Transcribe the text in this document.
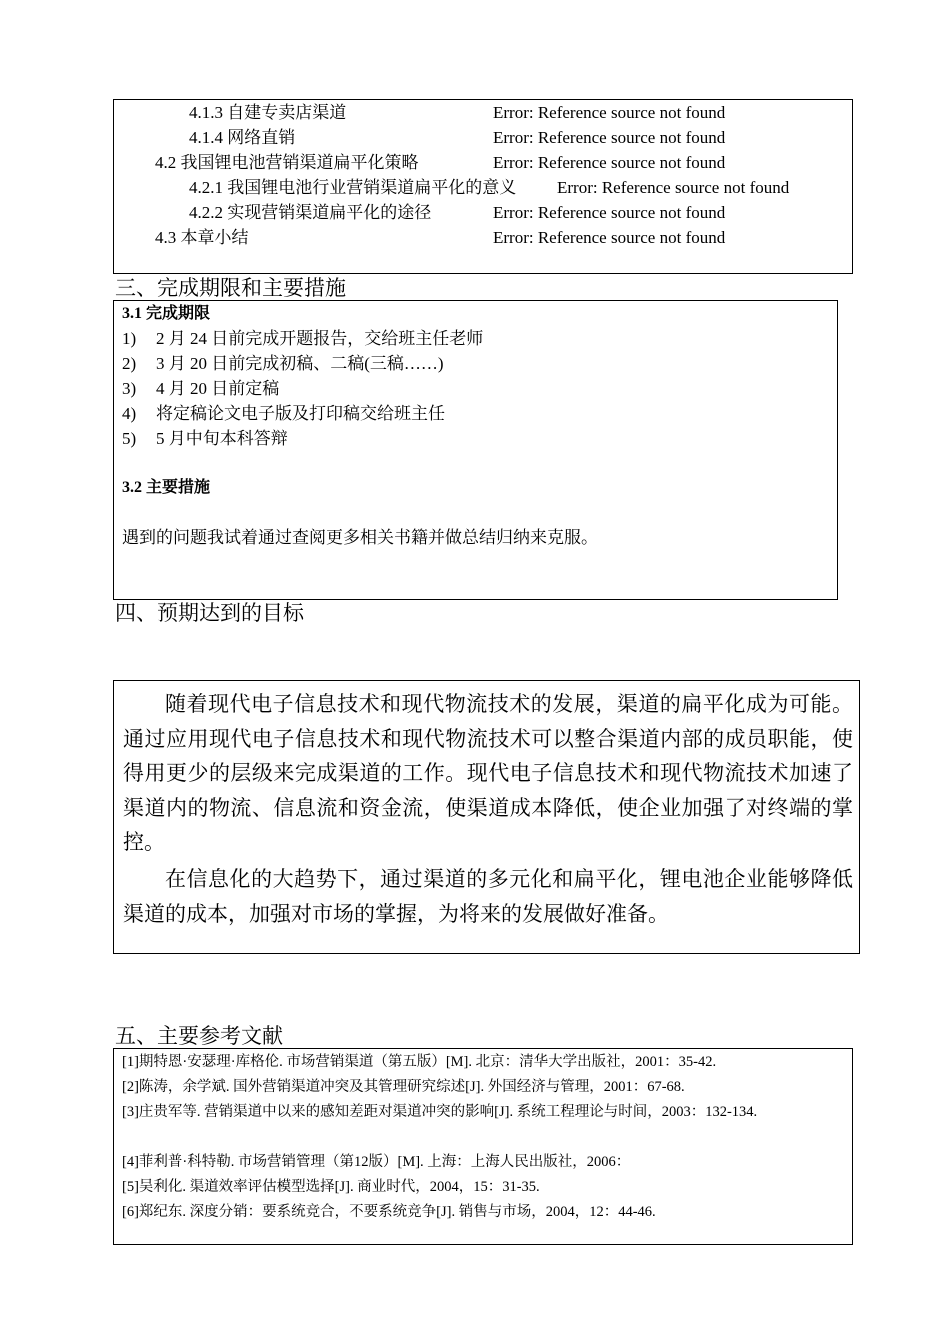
4.1.3 自建专卖店渠道	Error: Reference source not found
4.1.4 网络直销	Error: Reference source not found
4.2 我国锂电池营销渠道扁平化策略	Error: Reference source not found
4.2.1 我国锂电池行业营销渠道扁平化的意义 Error: Reference source not found
4.2.2 实现营销渠道扁平化的途径	Error: Reference source not found
4.3 本章小结	Error: Reference source not found
三、完成期限和主要措施
3.1 完成期限
1) 2 月 24 日前完成开题报告，交给班主任老师
2) 3 月 20 日前完成初稿、二稿(三稿……)
3) 4 月 20 日前定稿
4) 将定稿论文电子版及打印稿交给班主任
5) 5 月中旬本科答辩
3.2 主要措施
遇到的问题我试着通过查阅更多相关书籍并做总结归纳来克服。
四、预期达到的目标
随着现代电子信息技术和现代物流技术的发展，渠道的扁平化成为可能。通过应用现代电子信息技术和现代物流技术可以整合渠道内部的成员职能，使得用更少的层级来完成渠道的工作。现代电子信息技术和现代物流技术加速了渠道内的物流、信息流和资金流，使渠道成本降低，使企业加强了对终端的掌控。
在信息化的大趋势下，通过渠道的多元化和扁平化，锂电池企业能够降低渠道的成本，加强对市场的掌握，为将来的发展做好准备。
五、主要参考文献
[1]期特恩·安瑟理·库格伦. 市场营销渠道（第五版）[M]. 北京：清华大学出版社，2001：35-42.
[2]陈涛，余学斌. 国外营销渠道冲突及其管理研究综述[J]. 外国经济与管理，2001：67-68.
[3]庄贵军等. 营销渠道中以来的感知差距对渠道冲突的影响[J]. 系统工程理论与时间，2003：132-134.
[4]菲利普·科特勒. 市场营销管理（第12版）[M]. 上海：上海人民出版社，2006：
[5]吴利化. 渠道效率评估模型选择[J]. 商业时代，2004，15：31-35.
[6]郑纪东. 深度分销：要系统竞合，不要系统竞争[J]. 销售与市场，2004，12：44-46.
